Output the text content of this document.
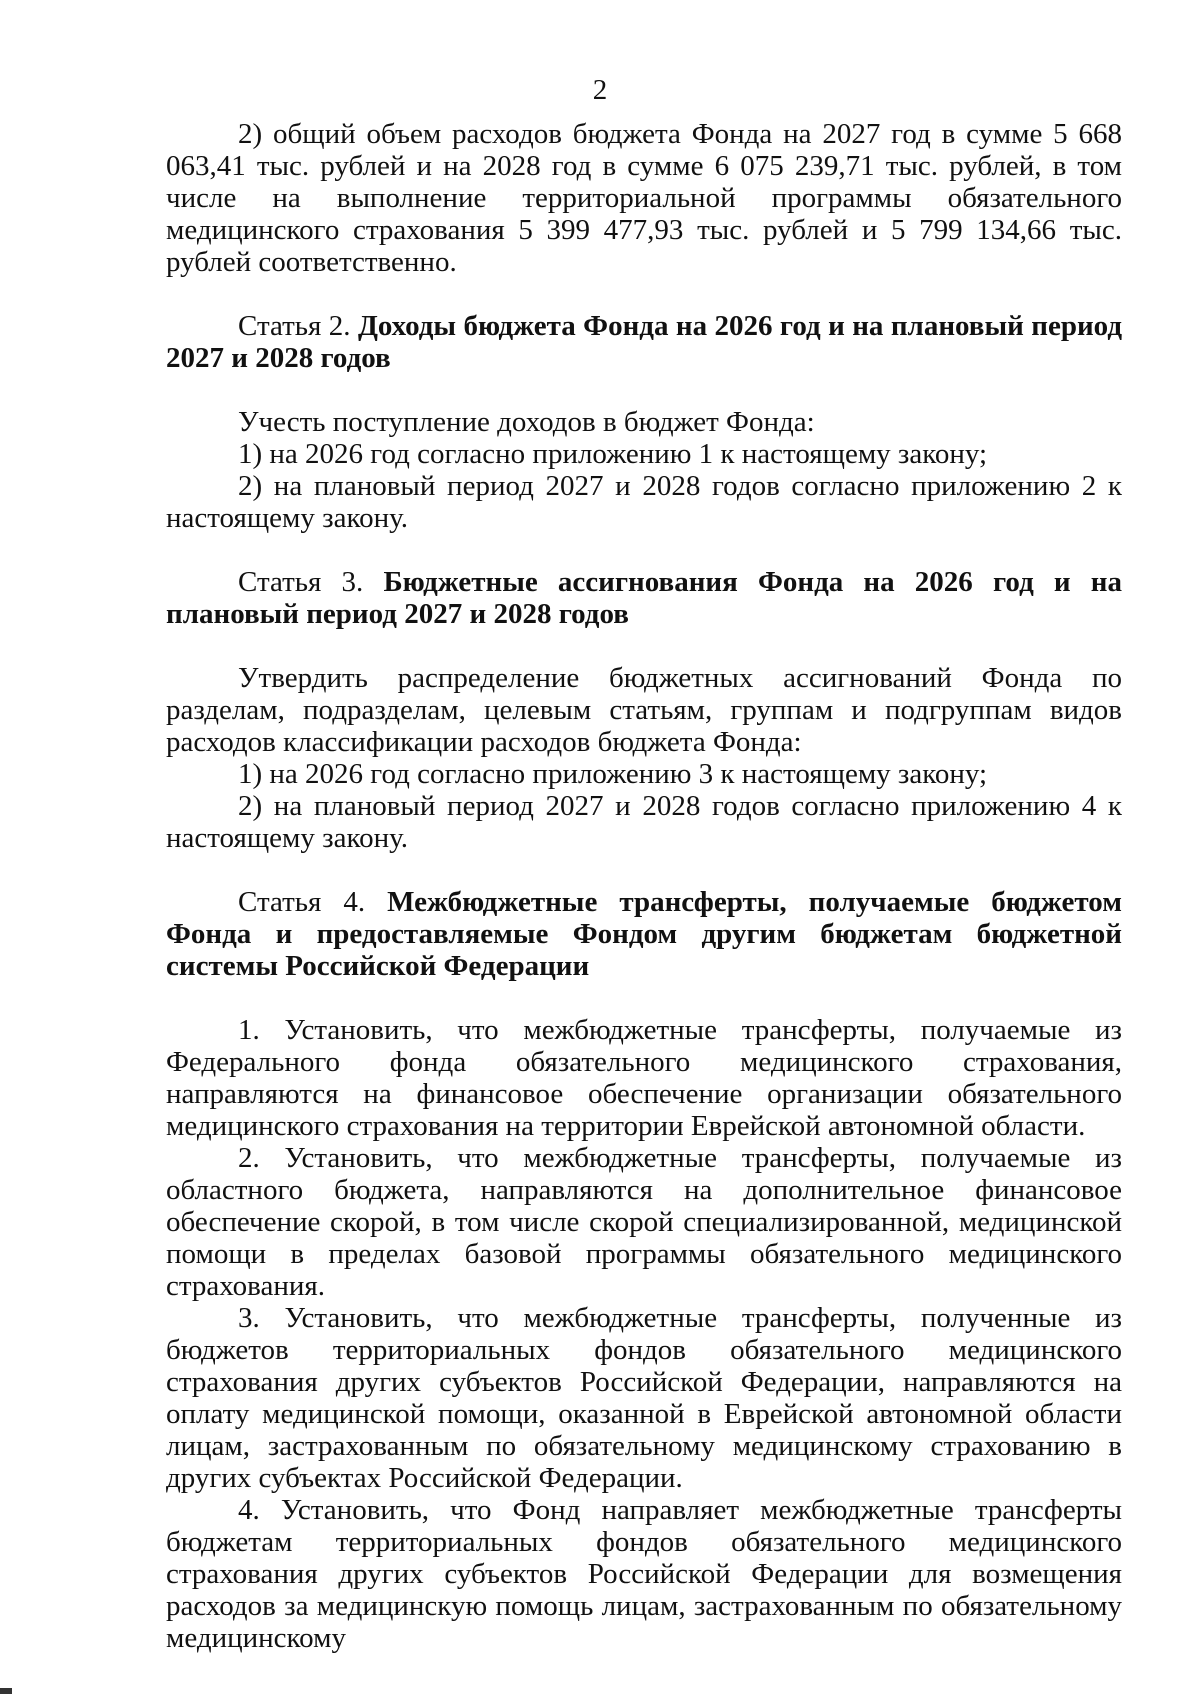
2

2) общий объем расходов бюджета Фонда на 2027 год в сумме 5 668 063,41 тыс. рублей и на 2028 год в сумме 6 075 239,71 тыс. рублей, в том числе на выполнение территориальной программы обязательного медицинского страхования 5 399 477,93 тыс. рублей и 5 799 134,66 тыс. рублей соответственно.

Статья 2. Доходы бюджета Фонда на 2026 год и на плановый период 2027 и 2028 годов

Учесть поступление доходов в бюджет Фонда:

1) на 2026 год согласно приложению 1 к настоящему закону;

2) на плановый период 2027 и 2028 годов согласно приложению 2 к настоящему закону.

Статья 3. Бюджетные ассигнования Фонда на 2026 год и на плановый период 2027 и 2028 годов

Утвердить распределение бюджетных ассигнований Фонда по разделам, подразделам, целевым статьям, группам и подгруппам видов расходов классификации расходов бюджета Фонда:

1) на 2026 год согласно приложению 3 к настоящему закону;

2) на плановый период 2027 и 2028 годов согласно приложению 4 к настоящему закону.

Статья 4. Межбюджетные трансферты, получаемые бюджетом Фонда и предоставляемые Фондом другим бюджетам бюджетной системы Российской Федерации

1. Установить, что межбюджетные трансферты, получаемые из Федерального фонда обязательного медицинского страхования, направляются на финансовое обеспечение организации обязательного медицинского страхования на территории Еврейской автономной области.

2. Установить, что межбюджетные трансферты, получаемые из областного бюджета, направляются на дополнительное финансовое обеспечение скорой, в том числе скорой специализированной, медицинской помощи в пределах базовой программы обязательного медицинского страхования.

3. Установить, что межбюджетные трансферты, полученные из бюджетов территориальных фондов обязательного медицинского страхования других субъектов Российской Федерации, направляются на оплату медицинской помощи, оказанной в Еврейской автономной области лицам, застрахованным по обязательному медицинскому страхованию в других субъектах Российской Федерации.

4. Установить, что Фонд направляет межбюджетные трансферты бюджетам территориальных фондов обязательного медицинского страхования других субъектов Российской Федерации для возмещения расходов за медицинскую помощь лицам, застрахованным по обязательному медицинскому
